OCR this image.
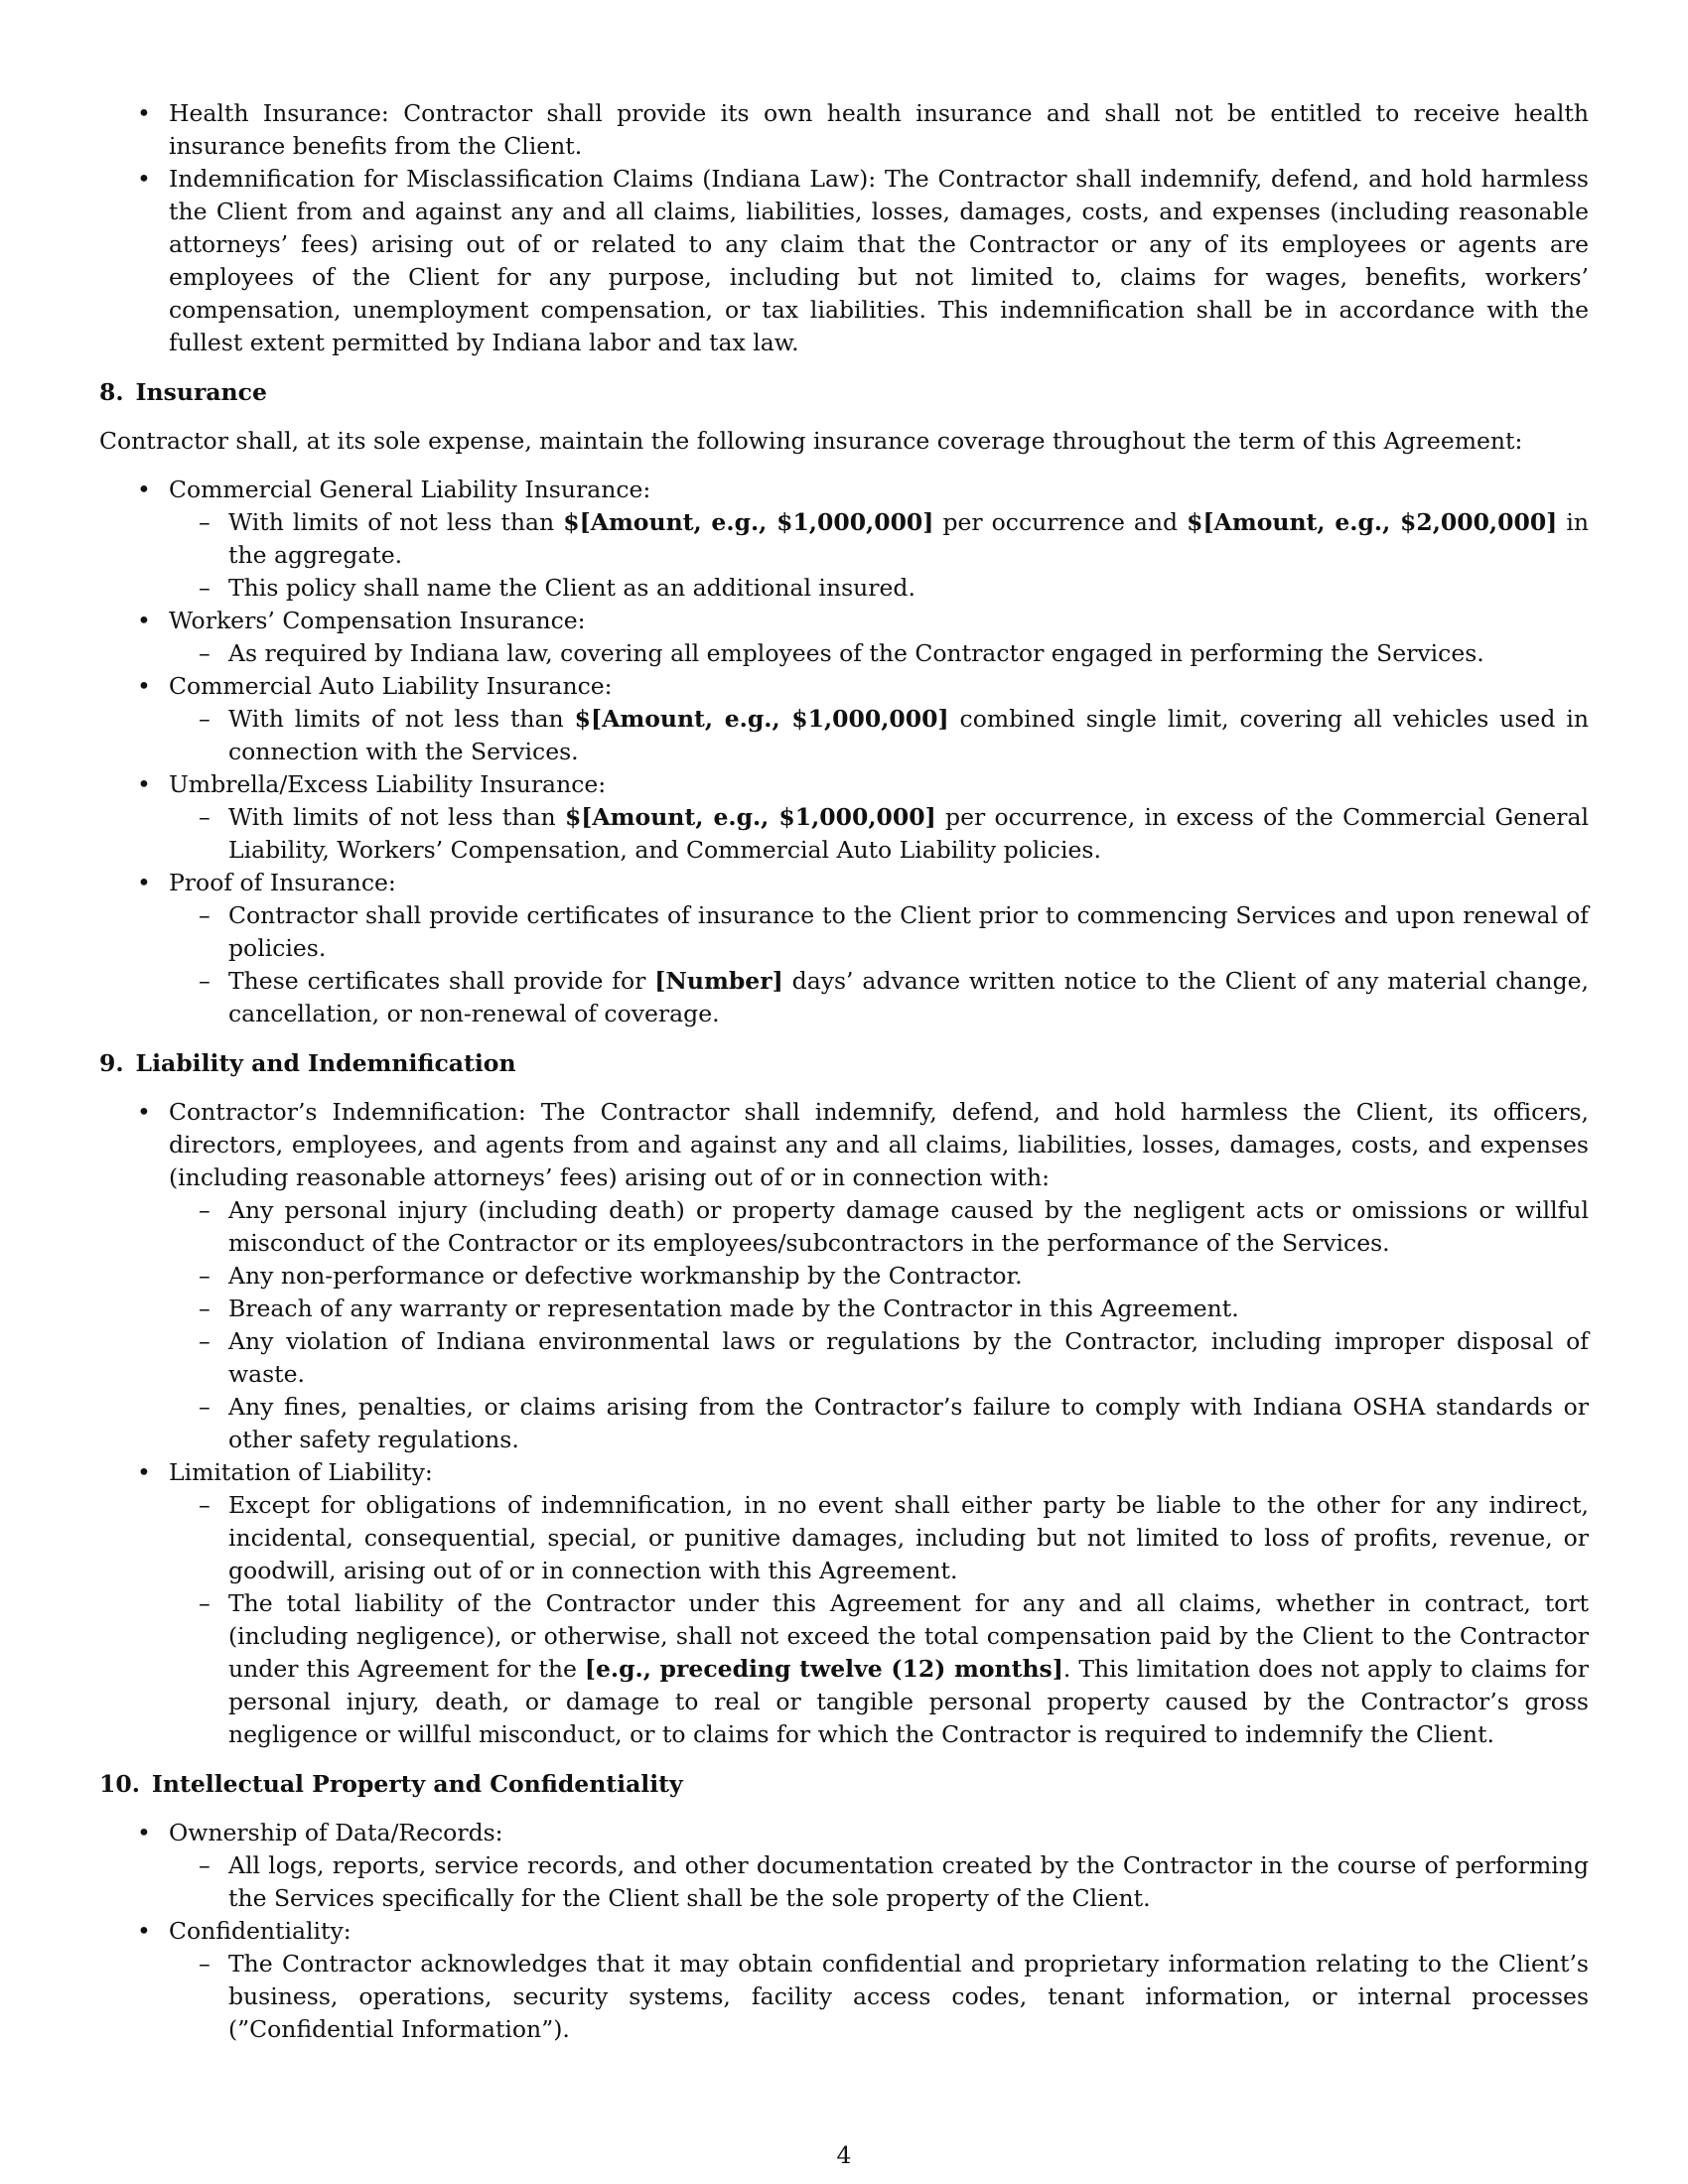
• Health Insurance: Contractor shall provide its own health insurance and shall not be entitled to receive health insurance benefits from the Client.
• Indemnification for Misclassification Claims (Indiana Law): The Contractor shall indemnify, defend, and hold harmless the Client from and against any and all claims, liabilities, losses, damages, costs, and expenses (including reasonable attorneys’ fees) arising out of or related to any claim that the Contractor or any of its employees or agents are employees of the Client for any purpose, including but not limited to, claims for wages, benefits, workers’ compensation, unemployment compensation, or tax liabilities. This indemnification shall be in accordance with the fullest extent permitted by Indiana labor and tax law.
8. Insurance

Contractor shall, at its sole expense, maintain the following insurance coverage throughout the term of this Agreement:

• Commercial General Liability Insurance:
– With limits of not less than $[Amount, e.g., $1,000,000] per occurrence and $[Amount, e.g., $2,000,000] in the aggregate.
– This policy shall name the Client as an additional insured.
• Workers’ Compensation Insurance:
– As required by Indiana law, covering all employees of the Contractor engaged in performing the Services.
• Commercial Auto Liability Insurance:
– With limits of not less than $[Amount, e.g., $1,000,000] combined single limit, covering all vehicles used in connection with the Services.
• Umbrella/Excess Liability Insurance:
– With limits of not less than $[Amount, e.g., $1,000,000] per occurrence, in excess of the Commercial General Liability, Workers’ Compensation, and Commercial Auto Liability policies.
• Proof of Insurance:
– Contractor shall provide certificates of insurance to the Client prior to commencing Services and upon renewal of policies.
– These certificates shall provide for [Number] days’ advance written notice to the Client of any material change, cancellation, or non-renewal of coverage.
9. Liability and Indemnification
• Contractor’s Indemnification: The Contractor shall indemnify, defend, and hold harmless the Client, its officers, directors, employees, and agents from and against any and all claims, liabilities, losses, damages, costs, and expenses (including reasonable attorneys’ fees) arising out of or in connection with:
– Any personal injury (including death) or property damage caused by the negligent acts or omissions or willful misconduct of the Contractor or its employees/subcontractors in the performance of the Services.
– Any non-performance or defective workmanship by the Contractor.
– Breach of any warranty or representation made by the Contractor in this Agreement.
– Any violation of Indiana environmental laws or regulations by the Contractor, including improper disposal of waste.
– Any fines, penalties, or claims arising from the Contractor’s failure to comply with Indiana OSHA standards or other safety regulations.
• Limitation of Liability:
– Except for obligations of indemnification, in no event shall either party be liable to the other for any indirect, incidental, consequential, special, or punitive damages, including but not limited to loss of profits, revenue, or goodwill, arising out of or in connection with this Agreement.
– The total liability of the Contractor under this Agreement for any and all claims, whether in contract, tort (including negligence), or otherwise, shall not exceed the total compensation paid by the Client to the Contractor under this Agreement for the [e.g., preceding twelve (12) months]. This limitation does not apply to claims for personal injury, death, or damage to real or tangible personal property caused by the Contractor’s gross negligence or willful misconduct, or to claims for which the Contractor is required to indemnify the Client.
10. Intellectual Property and Confidentiality
• Ownership of Data/Records:
– All logs, reports, service records, and other documentation created by the Contractor in the course of performing the Services specifically for the Client shall be the sole property of the Client.
• Confidentiality:
– The Contractor acknowledges that it may obtain confidential and proprietary information relating to the Client’s business, operations, security systems, facility access codes, tenant information, or internal processes (”Confidential Information”).
4
